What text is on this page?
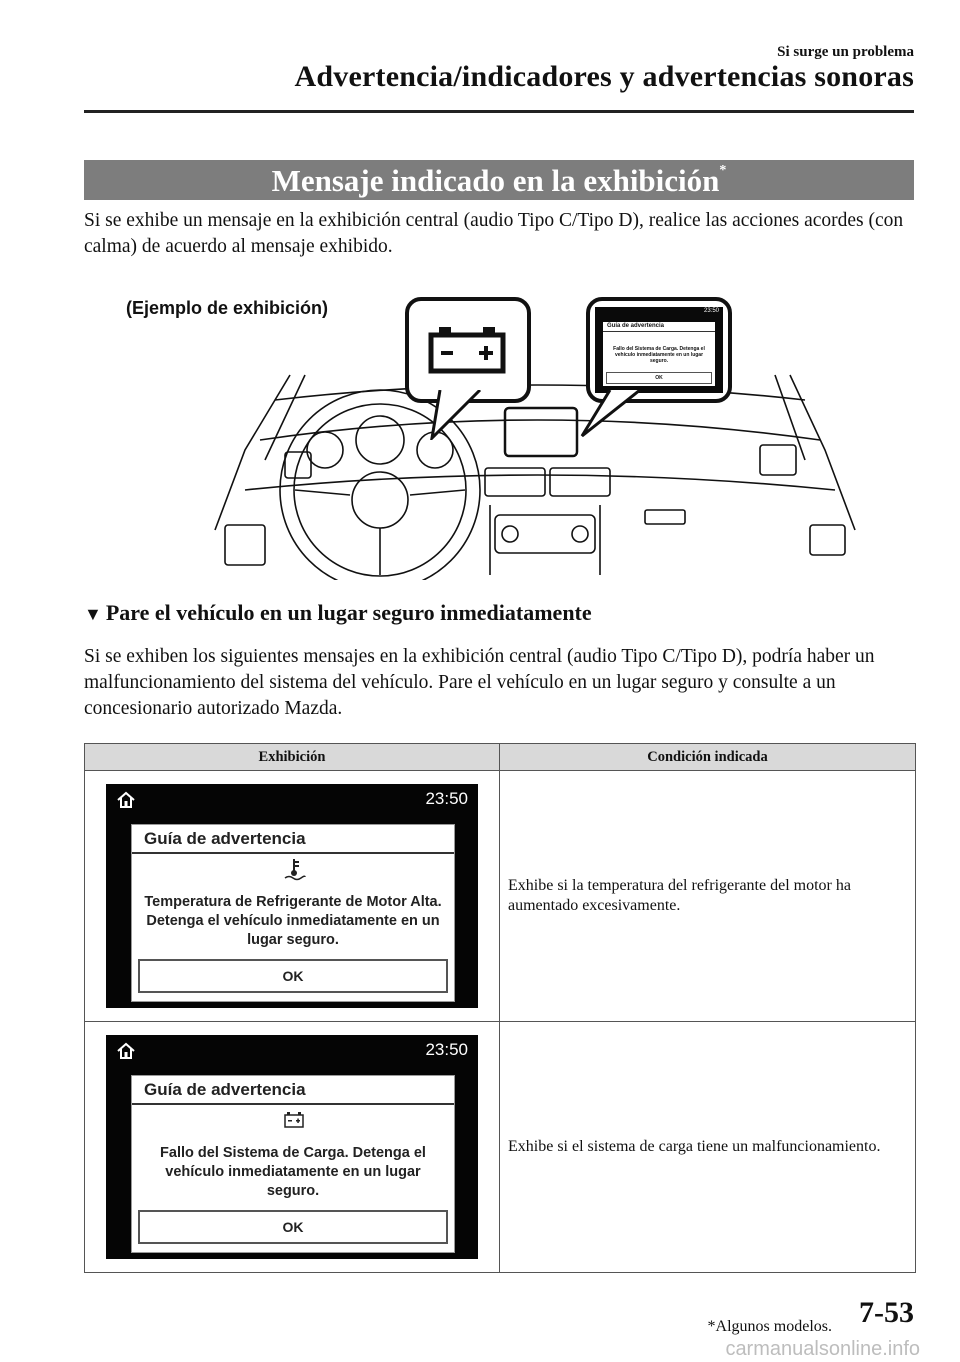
Si surge un problema
Advertencia/indicadores y advertencias sonoras
Mensaje indicado en la exhibición*
Si se exhibe un mensaje en la exhibición central (audio Tipo C/Tipo D), realice las acciones acordes (con calma) de acuerdo al mensaje exhibido.
(Ejemplo de exhibición)	23:50
Guía de advertencia
Fallo del Sistema de Carga. Detenga el vehículo inmediatamente en un lugar seguro.
OK
▼ Pare el vehículo en un lugar seguro inmediatamente
Si se exhiben los siguientes mensajes en la exhibición central (audio Tipo C/Tipo D), podría haber un malfuncionamiento del sistema del vehículo. Pare el vehículo en un lugar seguro y consulte a un concesionario autorizado Mazda.
Exhibición	Condición indicada

23:50
Guía de advertencia
Temperatura de Refrigerante de Motor Alta. Detenga el vehículo inmediatamente en un lugar seguro.
OK	Exhibe si la temperatura del refrigerante del motor ha aumentado excesivamente.

23:50
Guía de advertencia
Fallo del Sistema de Carga. Detenga el vehículo inmediatamente en un lugar seguro.
OK	Exhibe si el sistema de carga tiene un malfuncionamiento.
*Algunos modelos. 7-53
carmanualsonline.info
